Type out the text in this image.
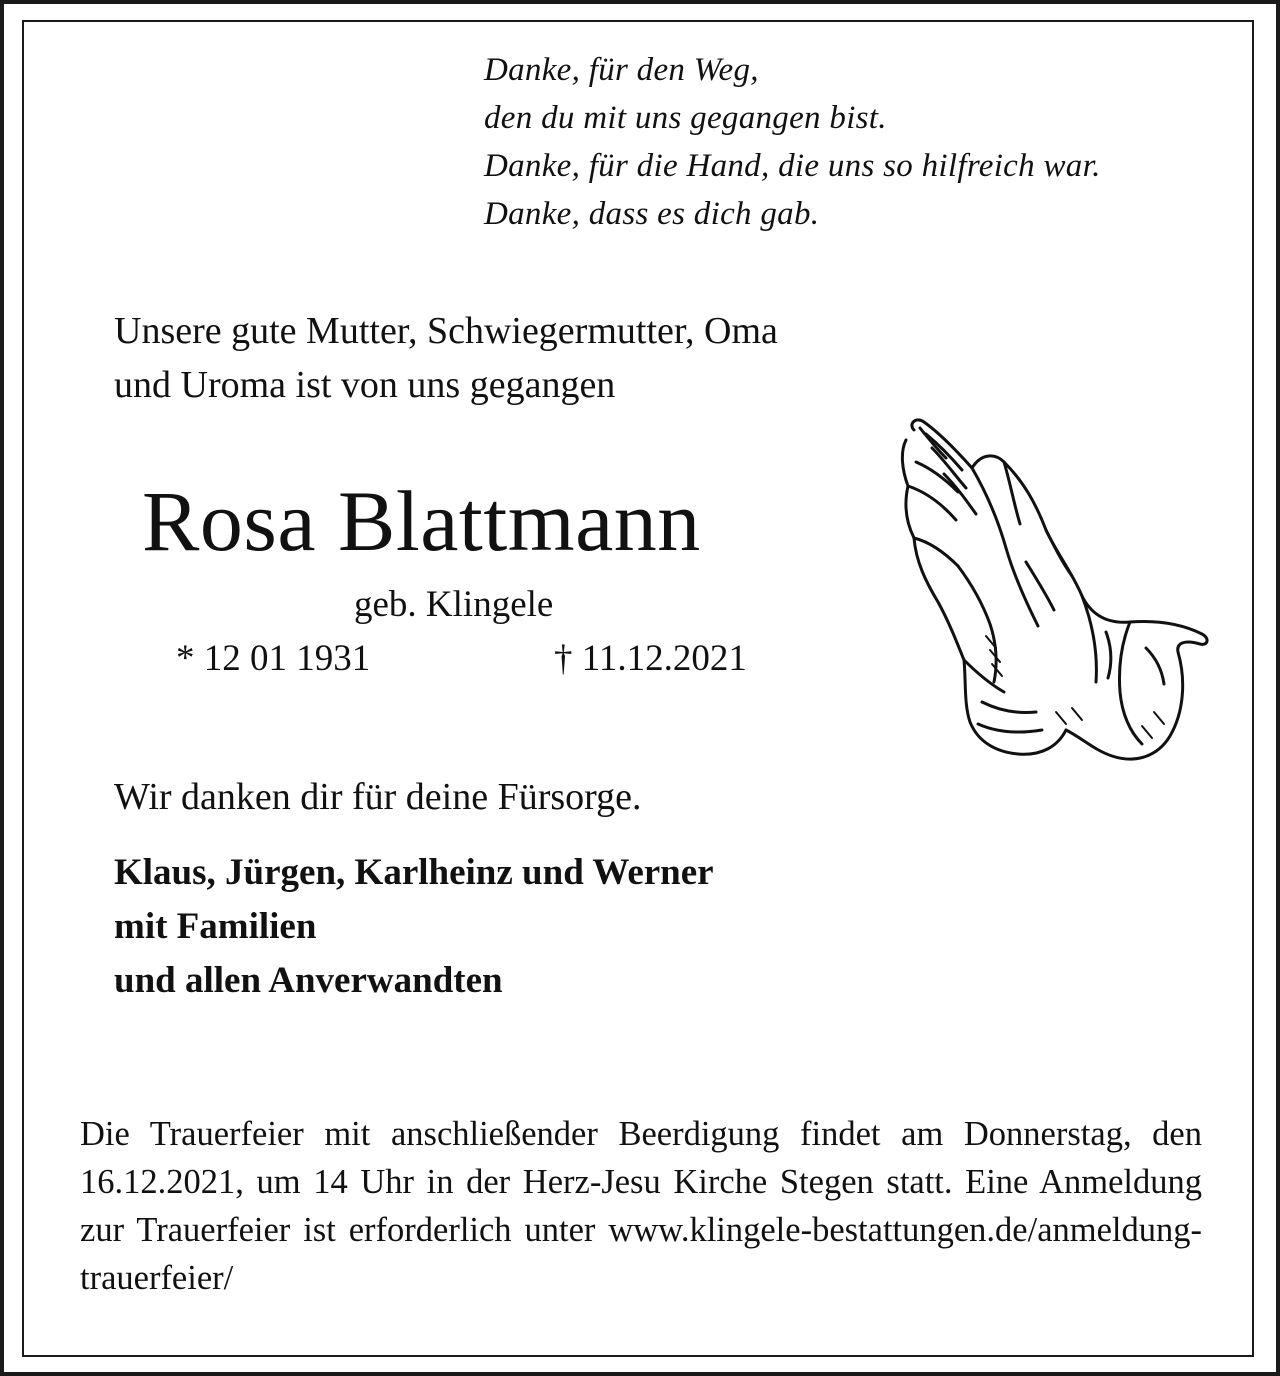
Danke, für den Weg,
den du mit uns gegangen bist.
Danke, für die Hand, die uns so hilfreich war.
Danke, dass es dich gab.
Unsere gute Mutter, Schwiegermutter, Oma
und Uroma ist von uns gegangen
Rosa Blattmann
geb. Klingele
* 12 01 1931	† 11.12.2021
Wir danken dir für deine Fürsorge.
Klaus, Jürgen, Karlheinz und Werner
mit Familien
und allen Anverwandten
Die Trauerfeier mit anschließender Beerdigung findet am Donnerstag, den 16.12.2021, um 14 Uhr in der Herz-Jesu Kirche Stegen statt. Eine Anmeldung zur Trauerfeier ist erforderlich unter www.klingele-bestattungen.de/anmeldung-trauerfeier/
